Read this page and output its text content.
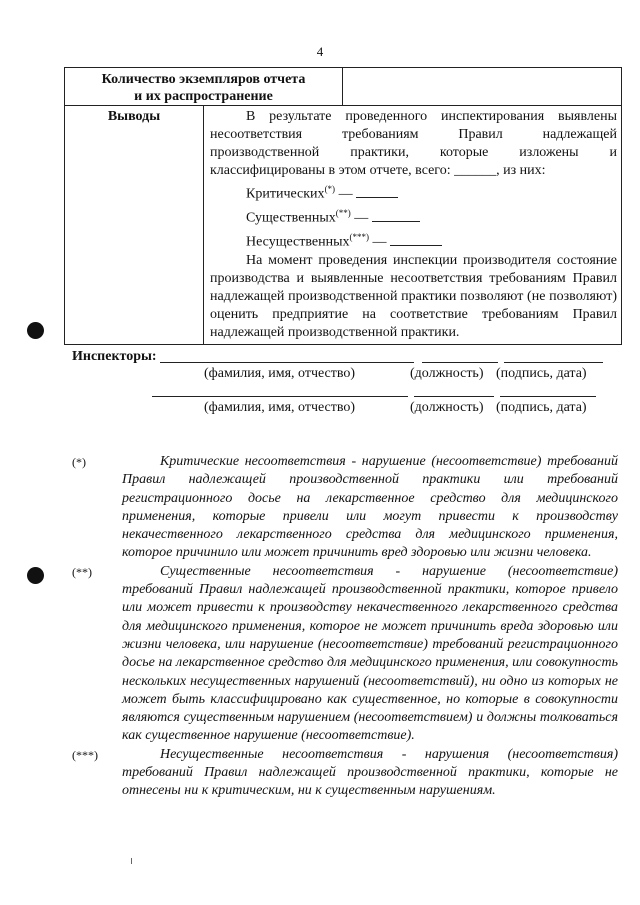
4
Количество экземпляров отчета
и их распространение		

Выводы	В результате проведенного инспектирования выявлены несоответствия требованиям Правил надлежащей производственной практики, которые изложены и классифицированы в этом отчете, всего: ______, из них:

Критических(*) —

Существенных(**) —

Несущественных(***) —

На момент проведения инспекции производителя состояние производства и выявленные несоответствия требованиям Правил надлежащей производственной практики позволяют (не позволяют) оценить предприятие на соответствие требованиям Правил надлежащей производственной практики.	

Инспекторы:
(фамилия, имя, отчество)	(должность) (подпись, дата)
(фамилия, имя, отчество)	(должность) (подпись, дата)
(*)	Критические несоответствия - нарушение (несоответствие) требований Правил надлежащей производственной практики или требований регистрационного досье на лекарственное средство для медицинского применения, которые привели или могут привести к производству некачественного лекарственного средства для медицинского применения, которое причинило или может причинить вред здоровью или жизни человека.

(**)	Существенные несоответствия - нарушение (несоответствие) требований Правил надлежащей производственной практики, которое привело или может привести к производству некачественного лекарственного средства для медицинского применения, которое не может причинить вреда здоровью или жизни человека, или нарушение (несоответствие) требований регистрационного досье на лекарственное средство для медицинского применения, или совокупность нескольких несущественных нарушений (несоответствий), ни одно из которых не может быть классифицировано как существенное, но которые в совокупности являются существенным нарушением (несоответствием) и должны толковаться как существенное нарушение (несоответствие).

(***)	Несущественные несоответствия - нарушения (несоответствия) требований Правил надлежащей производственной практики, которые не отнесены ни к критическим, ни к существенным нарушениям.
